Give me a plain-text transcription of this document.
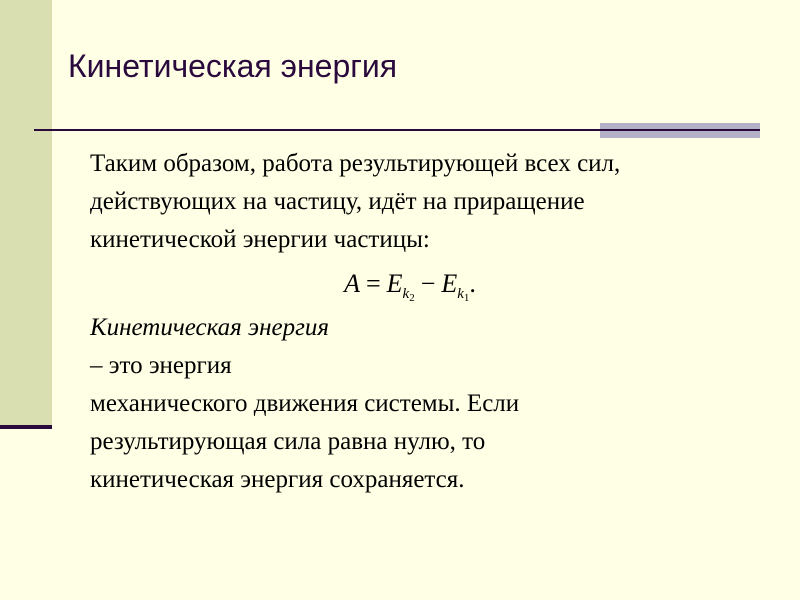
Кинетическая энергия
Таким образом, работа результирующей всех сил,
действующих на частицу, идёт на приращение
кинетической энергии частицы:
$A = E_{k_2} - E_{k_1}$.
Кинетическая энергия
– это энергия
механического движения системы. Если
результирующая сила равна нулю, то
кинетическая энергия сохраняется.
